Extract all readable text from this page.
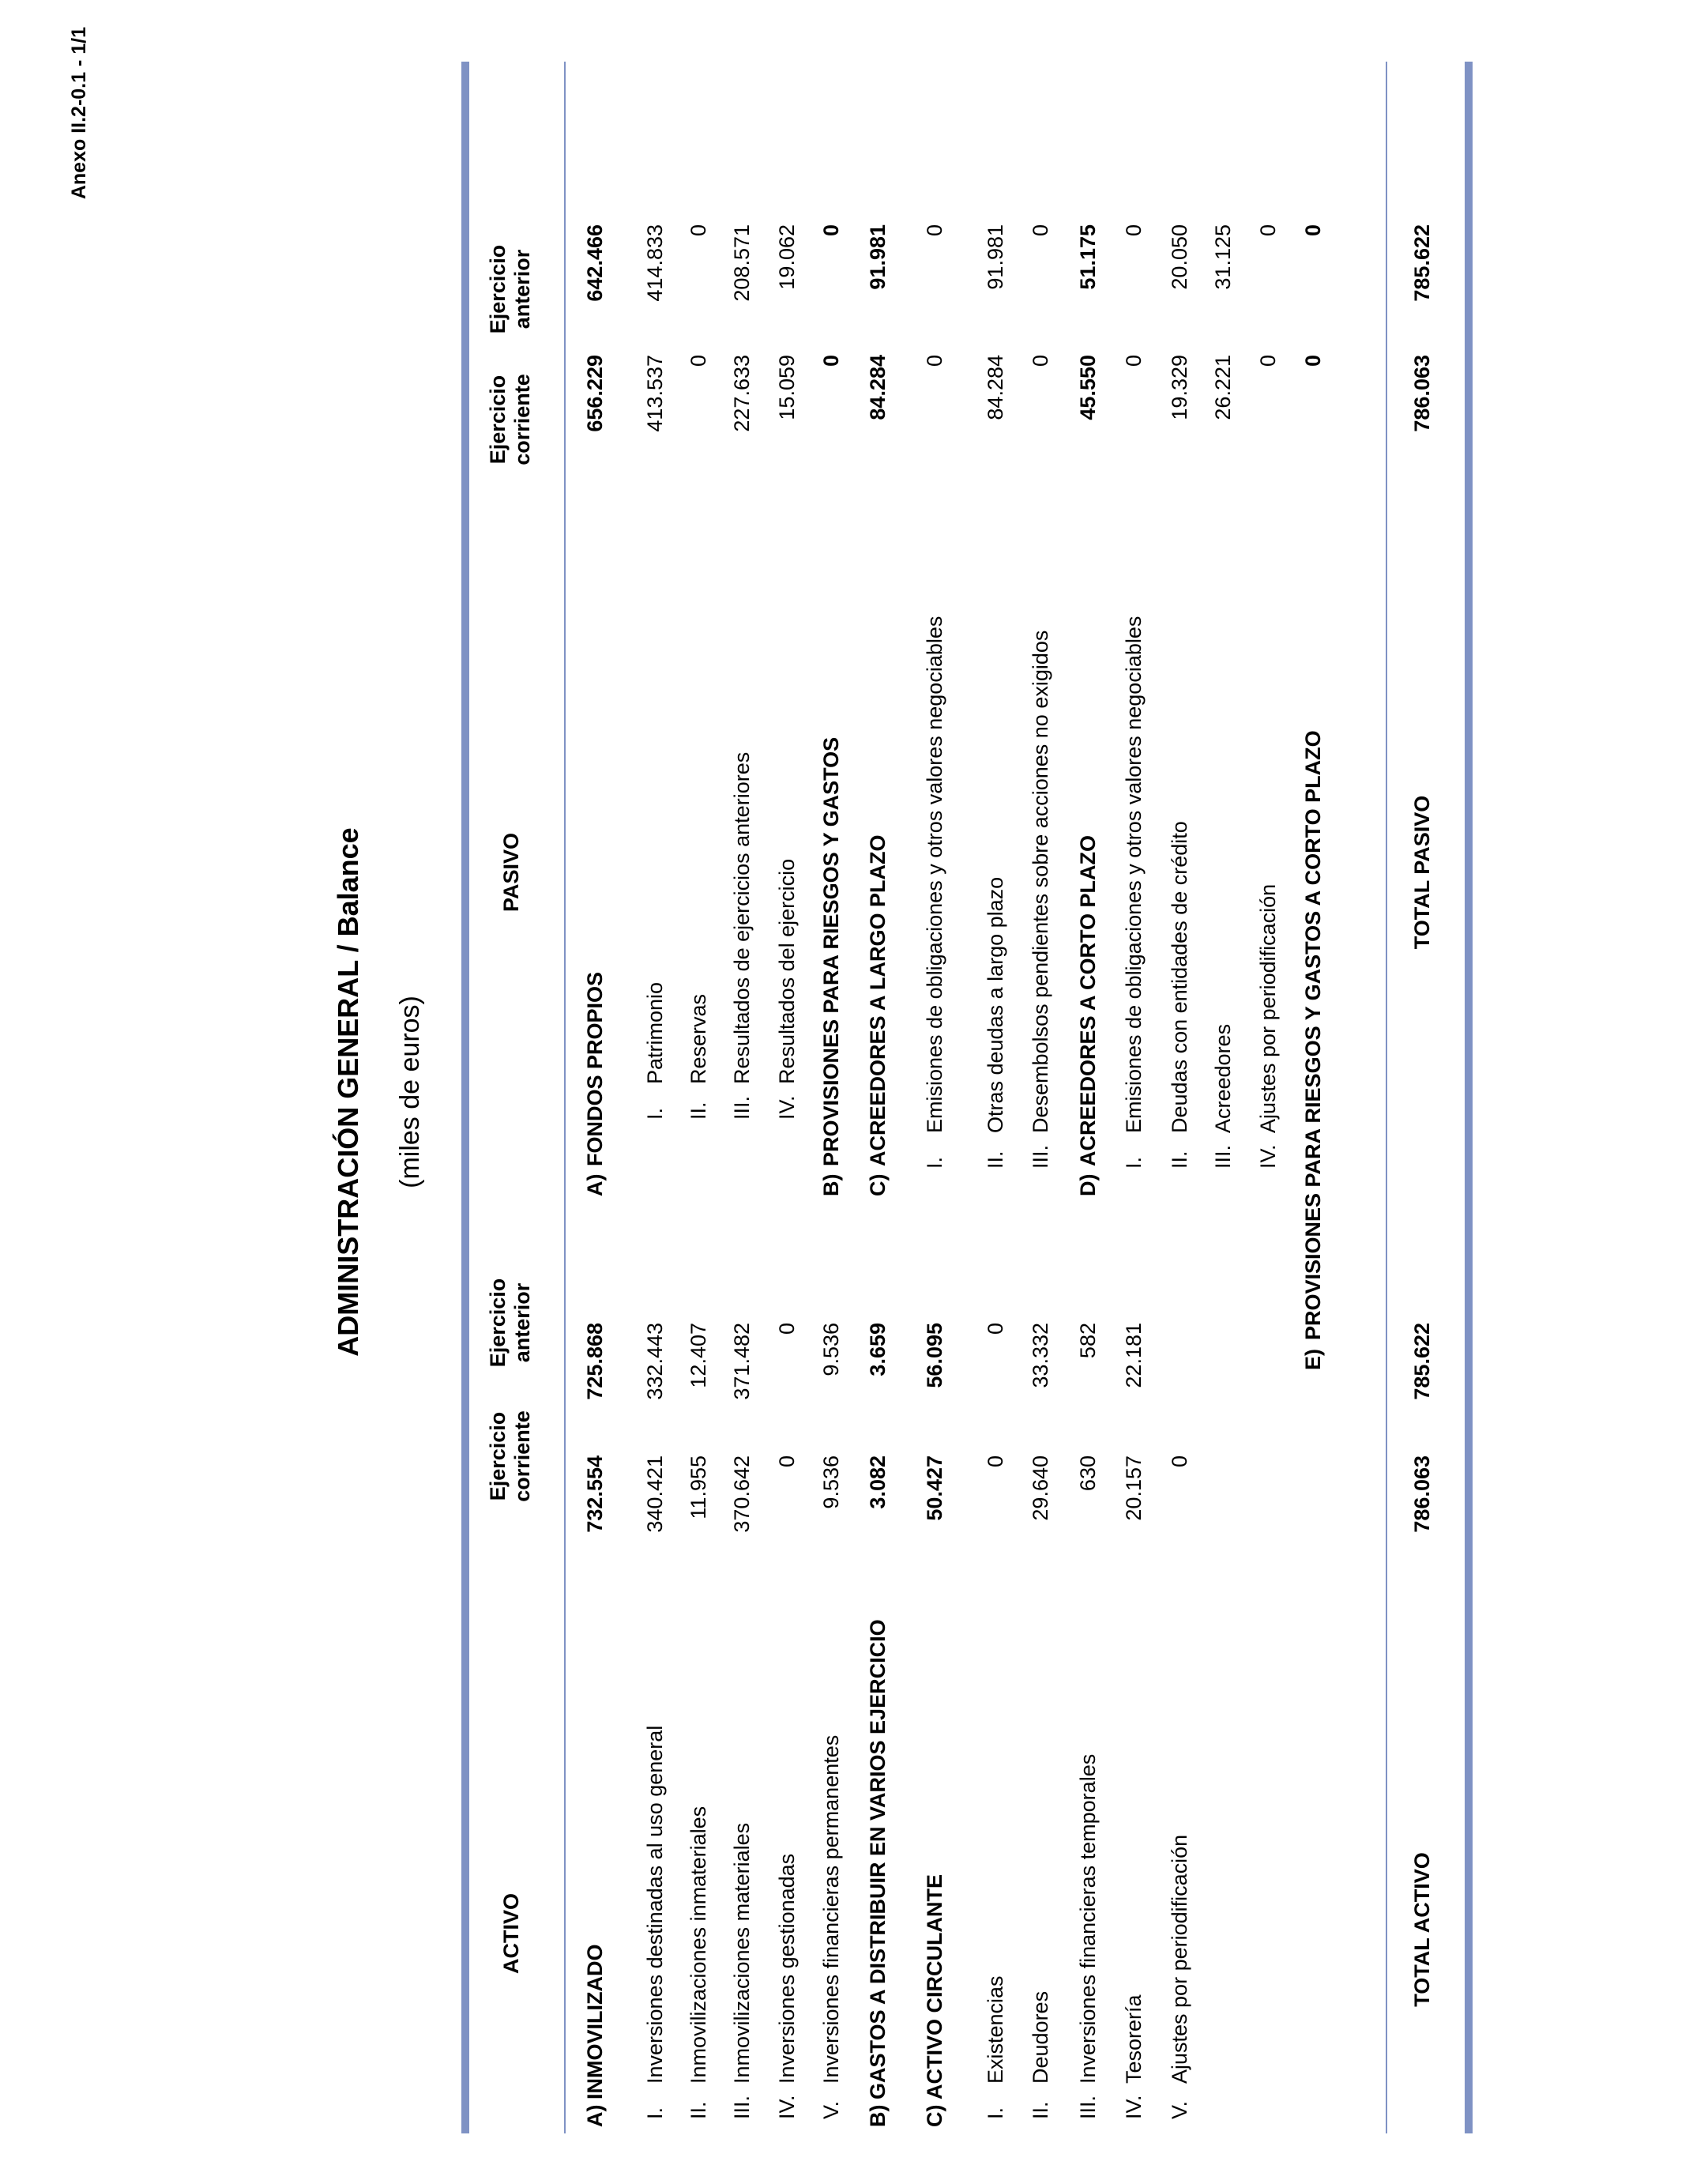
Anexo II.2-0.1 - 1/1
ADMINISTRACIÓN GENERAL / Balance (miles de euros)
ACTIVO
Ejercicio corriente
Ejercicio anterior
PASIVO
Ejercicio corriente
Ejercicio anterior
A)
INMOVILIZADO
732.554
725.868
I.
Inversiones destinadas al uso general
340.421
332.443
II.
Inmovilizaciones inmateriales
11.955
12.407
III.
Inmovilizaciones materiales
370.642
371.482
IV.
Inversiones gestionadas
0
0
V.
Inversiones financieras permanentes
9.536
9.536
B)
GASTOS A DISTRIBUIR EN VARIOS EJERCICIO
3.082
3.659
C)
ACTIVO CIRCULANTE
50.427
56.095
I.
Existencias
0
0
II.
Deudores
29.640
33.332
III.
Inversiones financieras temporales
630
582
IV.
Tesorería
20.157
22.181
V.
Ajustes por periodificación
0
A)
FONDOS PROPIOS
656.229
642.466
I.
Patrimonio
413.537
414.833
II.
Reservas
0
0
III.
Resultados de ejercicios anteriores
227.633
208.571
IV.
Resultados del ejercicio
15.059
19.062
B)
PROVISIONES PARA RIESGOS Y GASTOS
0
0
C)
ACREEDORES A LARGO PLAZO
84.284
91.981
I.
Emisiones de obligaciones y otros valores negociables
0
0
II.
Otras deudas a largo plazo
84.284
91.981
III.
Desembolsos pendientes sobre acciones no exigidos
0
0
D)
ACREEDORES A CORTO PLAZO
45.550
51.175
I.
Emisiones de obligaciones y otros valores negociables
0
0
II.
Deudas con entidades de crédito
19.329
20.050
III.
Acreedores
26.221
31.125
IV.
Ajustes por periodificación
0
0
E)
PROVISIONES PARA RIESGOS Y GASTOS A CORTO PLAZO
0
0
TOTAL ACTIVO
786.063
785.622
TOTAL PASIVO
786.063
785.622
